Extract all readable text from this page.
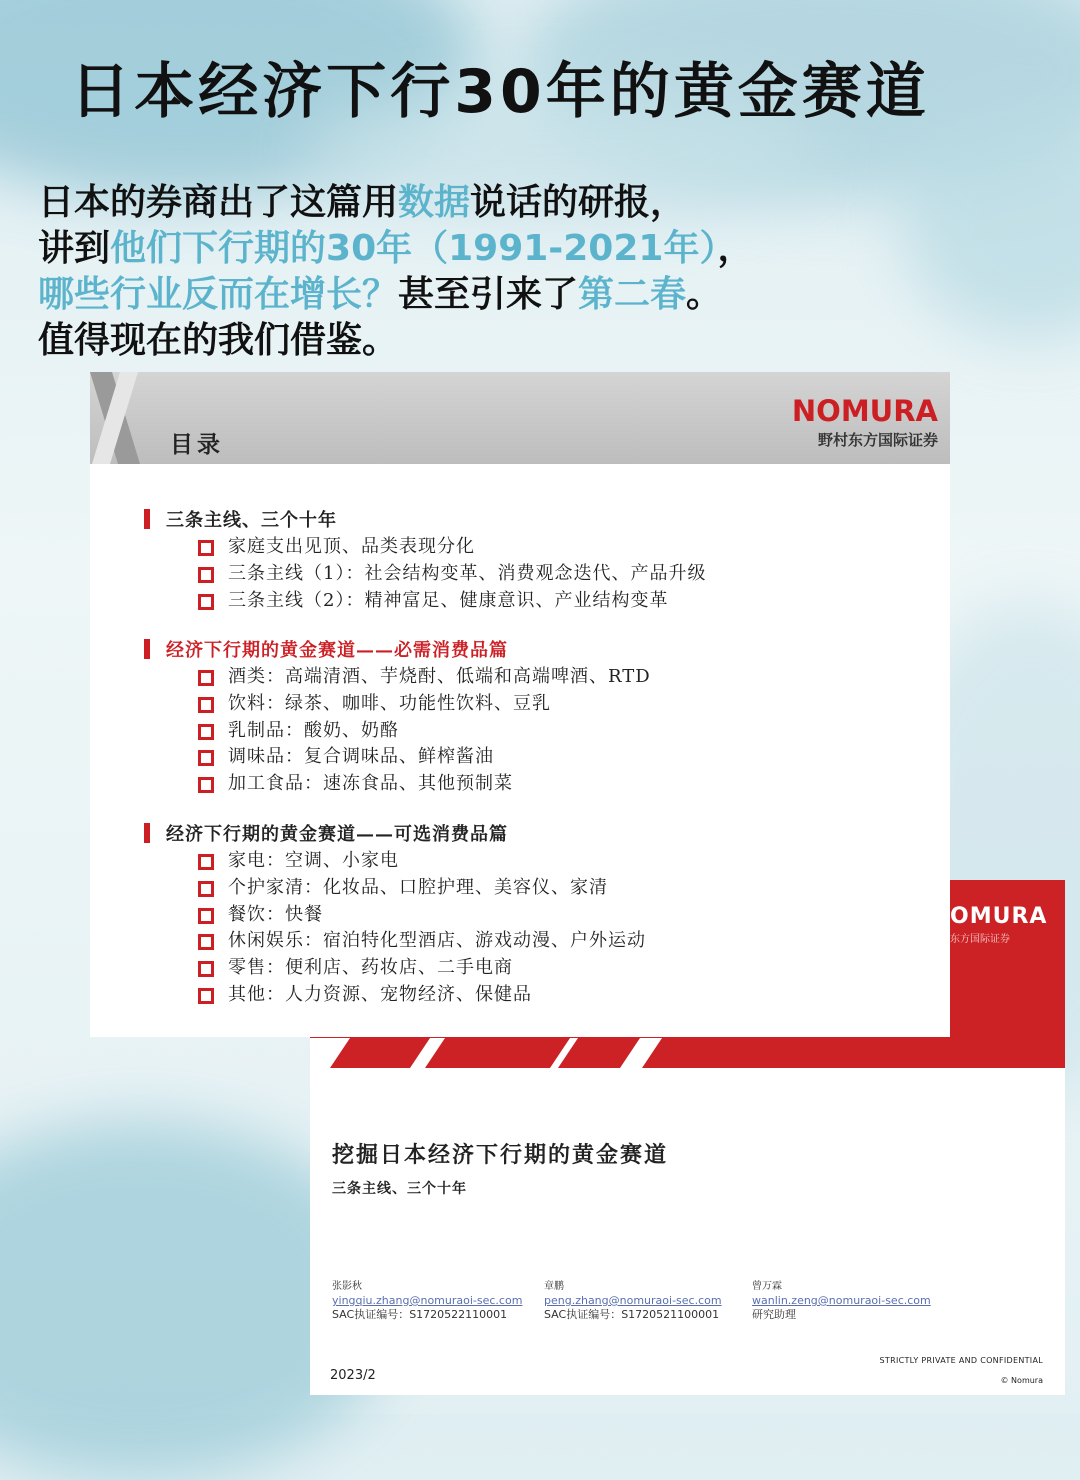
日本经济下行30年的黄金赛道
日本的券商出了这篇用数据说话的研报，
讲到他们下行期的30年（1991-2021年），
哪些行业反而在增长？甚至引来了第二春。
值得现在的我们借鉴。
OMURA
东方国际证券
挖掘日本经济下行期的黄金赛道
三条主线、三个十年
张影秋
yingqiu.zhang@nomuraoi-sec.com
SAC执证编号：S1720522110001
章鹏
peng.zhang@nomuraoi-sec.com
SAC执证编号：S1720521100001
曾万霖
wanlin.zeng@nomuraoi-sec.com
研究助理
2023/2
STRICTLY PRIVATE AND CONFIDENTIAL
© Nomura
目录
NOMURA
野村东方国际证券
三条主线、三个十年
家庭支出见顶、品类表现分化
三条主线（1）：社会结构变革、消费观念迭代、产品升级
三条主线（2）：精神富足、健康意识、产业结构变革
经济下行期的黄金赛道——必需消费品篇
酒类：高端清酒、芋烧酎、低端和高端啤酒、RTD
饮料：绿茶、咖啡、功能性饮料、豆乳
乳制品：酸奶、奶酪
调味品：复合调味品、鲜榨酱油
加工食品：速冻食品、其他预制菜
经济下行期的黄金赛道——可选消费品篇
家电：空调、小家电
个护家清：化妆品、口腔护理、美容仪、家清
餐饮：快餐
休闲娱乐：宿泊特化型酒店、游戏动漫、户外运动
零售：便利店、药妆店、二手电商
其他：人力资源、宠物经济、保健品
